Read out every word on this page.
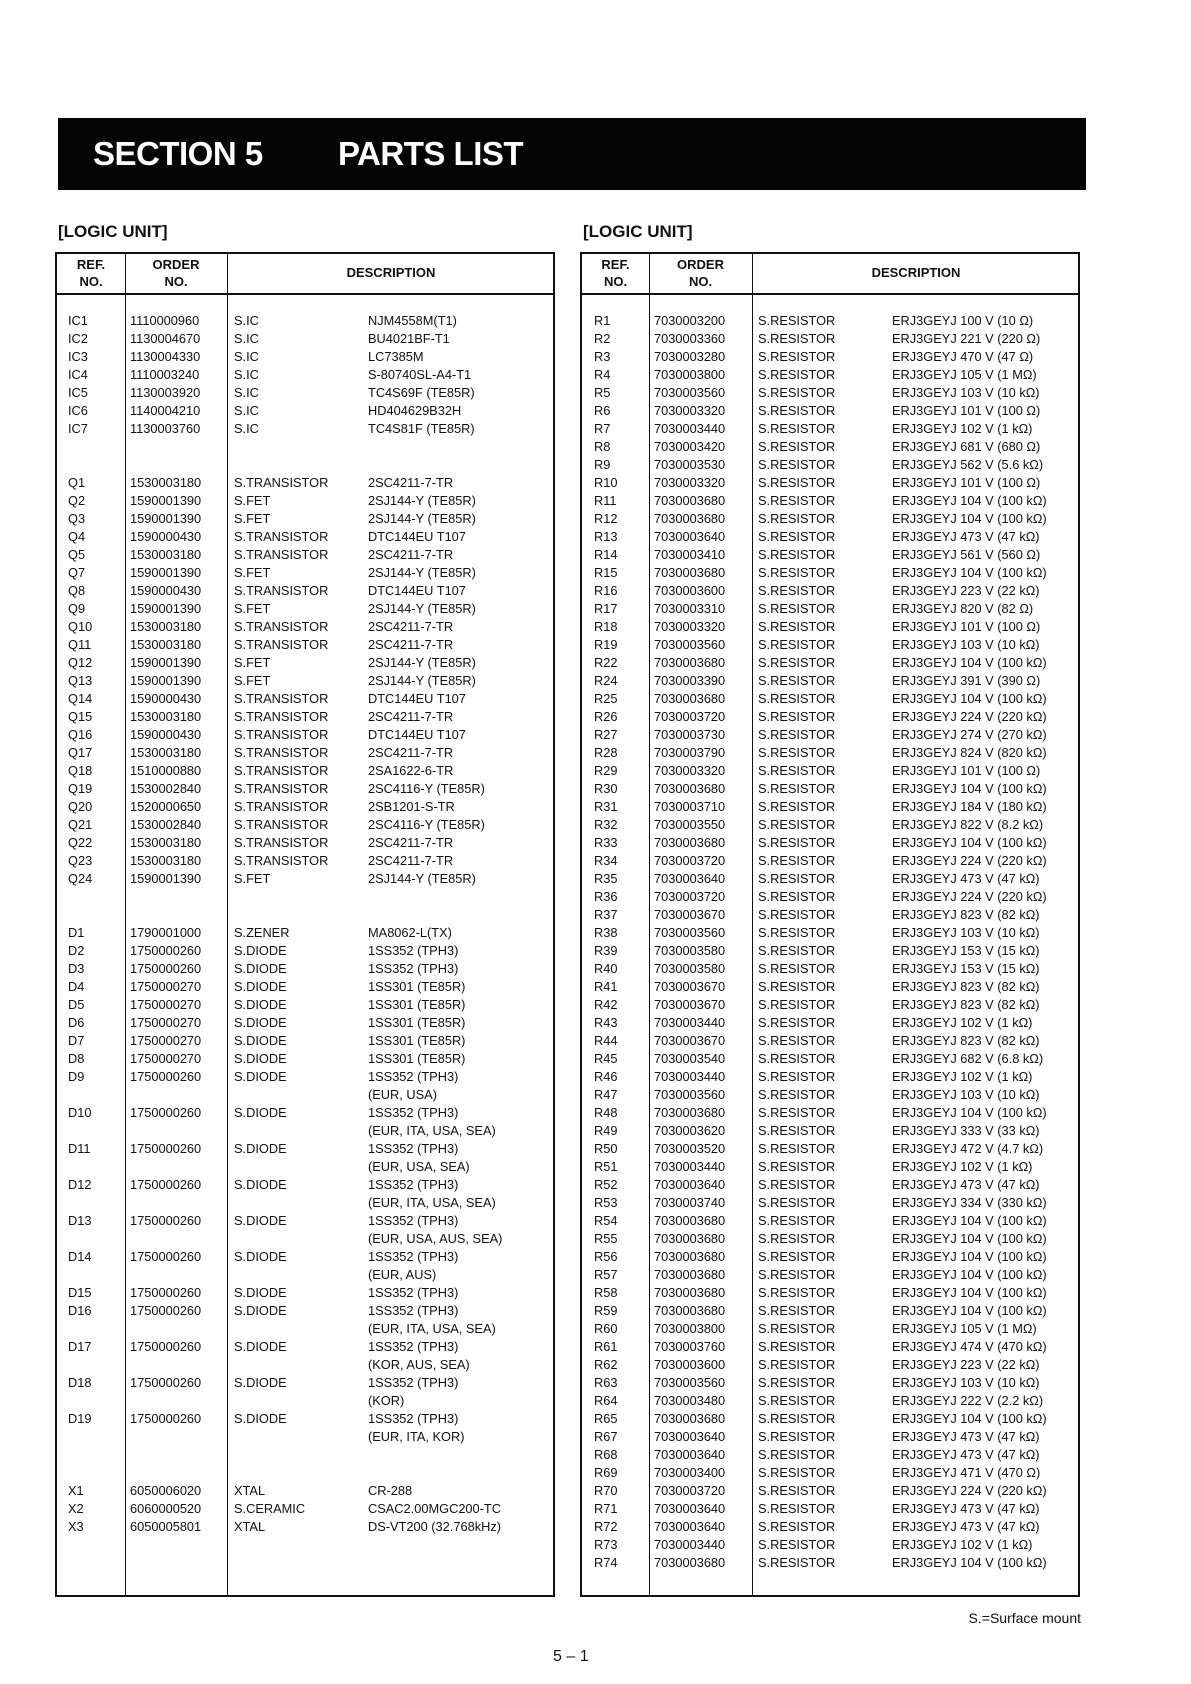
SECTION 5	PARTS LIST
[LOGIC UNIT]
REF.
NO.
ORDER
NO.
DESCRIPTION
IC1	1110000960	S.IC	NJM4558M(T1)
IC2	1130004670	S.IC	BU4021BF-T1
IC3	1130004330	S.IC	LC7385M
IC4	1110003240	S.IC	S-80740SL-A4-T1
IC5	1130003920	S.IC	TC4S69F (TE85R)
IC6	1140004210	S.IC	HD404629B32H
IC7	1130003760	S.IC	TC4S81F (TE85R)
Q1	1530003180	S.TRANSISTOR	2SC4211-7-TR
Q2	1590001390	S.FET	2SJ144-Y (TE85R)
Q3	1590001390	S.FET	2SJ144-Y (TE85R)
Q4	1590000430	S.TRANSISTOR	DTC144EU T107
Q5	1530003180	S.TRANSISTOR	2SC4211-7-TR
Q7	1590001390	S.FET	2SJ144-Y (TE85R)
Q8	1590000430	S.TRANSISTOR	DTC144EU T107
Q9	1590001390	S.FET	2SJ144-Y (TE85R)
Q10	1530003180	S.TRANSISTOR	2SC4211-7-TR
Q11	1530003180	S.TRANSISTOR	2SC4211-7-TR
Q12	1590001390	S.FET	2SJ144-Y (TE85R)
Q13	1590001390	S.FET	2SJ144-Y (TE85R)
Q14	1590000430	S.TRANSISTOR	DTC144EU T107
Q15	1530003180	S.TRANSISTOR	2SC4211-7-TR
Q16	1590000430	S.TRANSISTOR	DTC144EU T107
Q17	1530003180	S.TRANSISTOR	2SC4211-7-TR
Q18	1510000880	S.TRANSISTOR	2SA1622-6-TR
Q19	1530002840	S.TRANSISTOR	2SC4116-Y (TE85R)
Q20	1520000650	S.TRANSISTOR	2SB1201-S-TR
Q21	1530002840	S.TRANSISTOR	2SC4116-Y (TE85R)
Q22	1530003180	S.TRANSISTOR	2SC4211-7-TR
Q23	1530003180	S.TRANSISTOR	2SC4211-7-TR
Q24	1590001390	S.FET	2SJ144-Y (TE85R)
D1	1790001000	S.ZENER	MA8062-L(TX)
D2	1750000260	S.DIODE	1SS352 (TPH3)
D3	1750000260	S.DIODE	1SS352 (TPH3)
D4	1750000270	S.DIODE	1SS301 (TE85R)
D5	1750000270	S.DIODE	1SS301 (TE85R)
D6	1750000270	S.DIODE	1SS301 (TE85R)
D7	1750000270	S.DIODE	1SS301 (TE85R)
D8	1750000270	S.DIODE	1SS301 (TE85R)
D9	1750000260	S.DIODE	1SS352 (TPH3)
(EUR, USA)
D10	1750000260	S.DIODE	1SS352 (TPH3)
(EUR, ITA, USA, SEA)
D11	1750000260	S.DIODE	1SS352 (TPH3)
(EUR, USA, SEA)
D12	1750000260	S.DIODE	1SS352 (TPH3)
(EUR, ITA, USA, SEA)
D13	1750000260	S.DIODE	1SS352 (TPH3)
(EUR, USA, AUS, SEA)
D14	1750000260	S.DIODE	1SS352 (TPH3)
(EUR, AUS)
D15	1750000260	S.DIODE	1SS352 (TPH3)
D16	1750000260	S.DIODE	1SS352 (TPH3)
(EUR, ITA, USA, SEA)
D17	1750000260	S.DIODE	1SS352 (TPH3)
(KOR, AUS, SEA)
D18	1750000260	S.DIODE	1SS352 (TPH3)
(KOR)
D19	1750000260	S.DIODE	1SS352 (TPH3)
(EUR, ITA, KOR)
X1	6050006020	XTAL	CR-288
X2	6060000520	S.CERAMIC	CSAC2.00MGC200-TC
X3	6050005801	XTAL	DS-VT200 (32.768kHz)
[LOGIC UNIT]
REF.
NO.
ORDER
NO.
DESCRIPTION
R1	7030003200	S.RESISTOR	ERJ3GEYJ 100 V (10 Ω)
R2	7030003360	S.RESISTOR	ERJ3GEYJ 221 V (220 Ω)
R3	7030003280	S.RESISTOR	ERJ3GEYJ 470 V (47 Ω)
R4	7030003800	S.RESISTOR	ERJ3GEYJ 105 V (1 MΩ)
R5	7030003560	S.RESISTOR	ERJ3GEYJ 103 V (10 kΩ)
R6	7030003320	S.RESISTOR	ERJ3GEYJ 101 V (100 Ω)
R7	7030003440	S.RESISTOR	ERJ3GEYJ 102 V (1 kΩ)
R8	7030003420	S.RESISTOR	ERJ3GEYJ 681 V (680 Ω)
R9	7030003530	S.RESISTOR	ERJ3GEYJ 562 V (5.6 kΩ)
R10	7030003320	S.RESISTOR	ERJ3GEYJ 101 V (100 Ω)
R11	7030003680	S.RESISTOR	ERJ3GEYJ 104 V (100 kΩ)
R12	7030003680	S.RESISTOR	ERJ3GEYJ 104 V (100 kΩ)
R13	7030003640	S.RESISTOR	ERJ3GEYJ 473 V (47 kΩ)
R14	7030003410	S.RESISTOR	ERJ3GEYJ 561 V (560 Ω)
R15	7030003680	S.RESISTOR	ERJ3GEYJ 104 V (100 kΩ)
R16	7030003600	S.RESISTOR	ERJ3GEYJ 223 V (22 kΩ)
R17	7030003310	S.RESISTOR	ERJ3GEYJ 820 V (82 Ω)
R18	7030003320	S.RESISTOR	ERJ3GEYJ 101 V (100 Ω)
R19	7030003560	S.RESISTOR	ERJ3GEYJ 103 V (10 kΩ)
R22	7030003680	S.RESISTOR	ERJ3GEYJ 104 V (100 kΩ)
R24	7030003390	S.RESISTOR	ERJ3GEYJ 391 V (390 Ω)
R25	7030003680	S.RESISTOR	ERJ3GEYJ 104 V (100 kΩ)
R26	7030003720	S.RESISTOR	ERJ3GEYJ 224 V (220 kΩ)
R27	7030003730	S.RESISTOR	ERJ3GEYJ 274 V (270 kΩ)
R28	7030003790	S.RESISTOR	ERJ3GEYJ 824 V (820 kΩ)
R29	7030003320	S.RESISTOR	ERJ3GEYJ 101 V (100 Ω)
R30	7030003680	S.RESISTOR	ERJ3GEYJ 104 V (100 kΩ)
R31	7030003710	S.RESISTOR	ERJ3GEYJ 184 V (180 kΩ)
R32	7030003550	S.RESISTOR	ERJ3GEYJ 822 V (8.2 kΩ)
R33	7030003680	S.RESISTOR	ERJ3GEYJ 104 V (100 kΩ)
R34	7030003720	S.RESISTOR	ERJ3GEYJ 224 V (220 kΩ)
R35	7030003640	S.RESISTOR	ERJ3GEYJ 473 V (47 kΩ)
R36	7030003720	S.RESISTOR	ERJ3GEYJ 224 V (220 kΩ)
R37	7030003670	S.RESISTOR	ERJ3GEYJ 823 V (82 kΩ)
R38	7030003560	S.RESISTOR	ERJ3GEYJ 103 V (10 kΩ)
R39	7030003580	S.RESISTOR	ERJ3GEYJ 153 V (15 kΩ)
R40	7030003580	S.RESISTOR	ERJ3GEYJ 153 V (15 kΩ)
R41	7030003670	S.RESISTOR	ERJ3GEYJ 823 V (82 kΩ)
R42	7030003670	S.RESISTOR	ERJ3GEYJ 823 V (82 kΩ)
R43	7030003440	S.RESISTOR	ERJ3GEYJ 102 V (1 kΩ)
R44	7030003670	S.RESISTOR	ERJ3GEYJ 823 V (82 kΩ)
R45	7030003540	S.RESISTOR	ERJ3GEYJ 682 V (6.8 kΩ)
R46	7030003440	S.RESISTOR	ERJ3GEYJ 102 V (1 kΩ)
R47	7030003560	S.RESISTOR	ERJ3GEYJ 103 V (10 kΩ)
R48	7030003680	S.RESISTOR	ERJ3GEYJ 104 V (100 kΩ)
R49	7030003620	S.RESISTOR	ERJ3GEYJ 333 V (33 kΩ)
R50	7030003520	S.RESISTOR	ERJ3GEYJ 472 V (4.7 kΩ)
R51	7030003440	S.RESISTOR	ERJ3GEYJ 102 V (1 kΩ)
R52	7030003640	S.RESISTOR	ERJ3GEYJ 473 V (47 kΩ)
R53	7030003740	S.RESISTOR	ERJ3GEYJ 334 V (330 kΩ)
R54	7030003680	S.RESISTOR	ERJ3GEYJ 104 V (100 kΩ)
R55	7030003680	S.RESISTOR	ERJ3GEYJ 104 V (100 kΩ)
R56	7030003680	S.RESISTOR	ERJ3GEYJ 104 V (100 kΩ)
R57	7030003680	S.RESISTOR	ERJ3GEYJ 104 V (100 kΩ)
R58	7030003680	S.RESISTOR	ERJ3GEYJ 104 V (100 kΩ)
R59	7030003680	S.RESISTOR	ERJ3GEYJ 104 V (100 kΩ)
R60	7030003800	S.RESISTOR	ERJ3GEYJ 105 V (1 MΩ)
R61	7030003760	S.RESISTOR	ERJ3GEYJ 474 V (470 kΩ)
R62	7030003600	S.RESISTOR	ERJ3GEYJ 223 V (22 kΩ)
R63	7030003560	S.RESISTOR	ERJ3GEYJ 103 V (10 kΩ)
R64	7030003480	S.RESISTOR	ERJ3GEYJ 222 V (2.2 kΩ)
R65	7030003680	S.RESISTOR	ERJ3GEYJ 104 V (100 kΩ)
R67	7030003640	S.RESISTOR	ERJ3GEYJ 473 V (47 kΩ)
R68	7030003640	S.RESISTOR	ERJ3GEYJ 473 V (47 kΩ)
R69	7030003400	S.RESISTOR	ERJ3GEYJ 471 V (470 Ω)
R70	7030003720	S.RESISTOR	ERJ3GEYJ 224 V (220 kΩ)
R71	7030003640	S.RESISTOR	ERJ3GEYJ 473 V (47 kΩ)
R72	7030003640	S.RESISTOR	ERJ3GEYJ 473 V (47 kΩ)
R73	7030003440	S.RESISTOR	ERJ3GEYJ 102 V (1 kΩ)
R74	7030003680	S.RESISTOR	ERJ3GEYJ 104 V (100 kΩ)
S.=Surface mount
5 – 1
